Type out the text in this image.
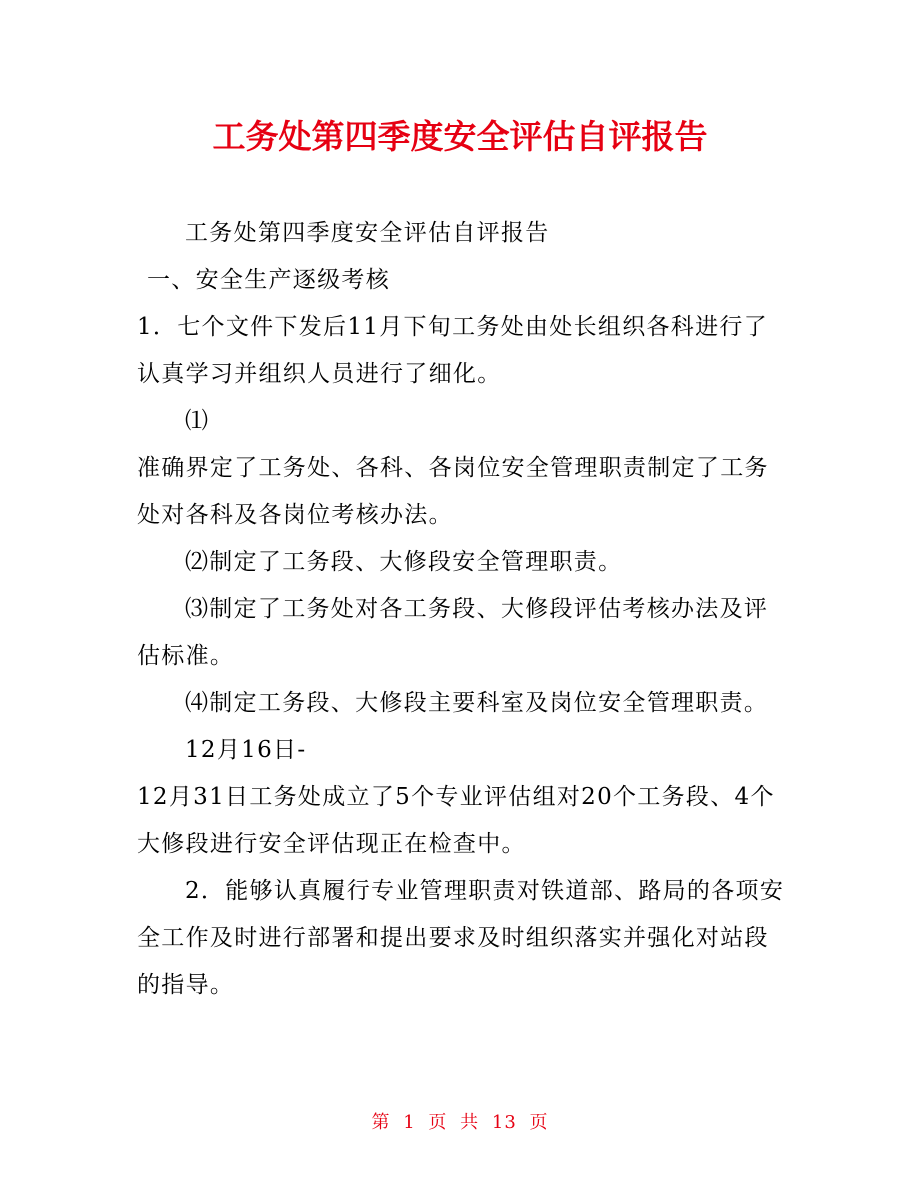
工务处第四季度安全评估自评报告

工务处第四季度安全评估自评报告

一、安全生产逐级考核

1．七个文件下发后11月下旬工务处由处长组织各科进行了认真学习并组织人员进行了细化。

⑴

准确界定了工务处、各科、各岗位安全管理职责制定了工务处对各科及各岗位考核办法。

⑵制定了工务段、大修段安全管理职责。

⑶制定了工务处对各工务段、大修段评估考核办法及评估标准。

⑷制定工务段、大修段主要科室及岗位安全管理职责。

12月16日-

12月31日工务处成立了5个专业评估组对20个工务段、4个大修段进行安全评估现正在检查中。

2．能够认真履行专业管理职责对铁道部、路局的各项安全工作及时进行部署和提出要求及时组织落实并强化对站段的指导。

第 1 页 共 13 页
